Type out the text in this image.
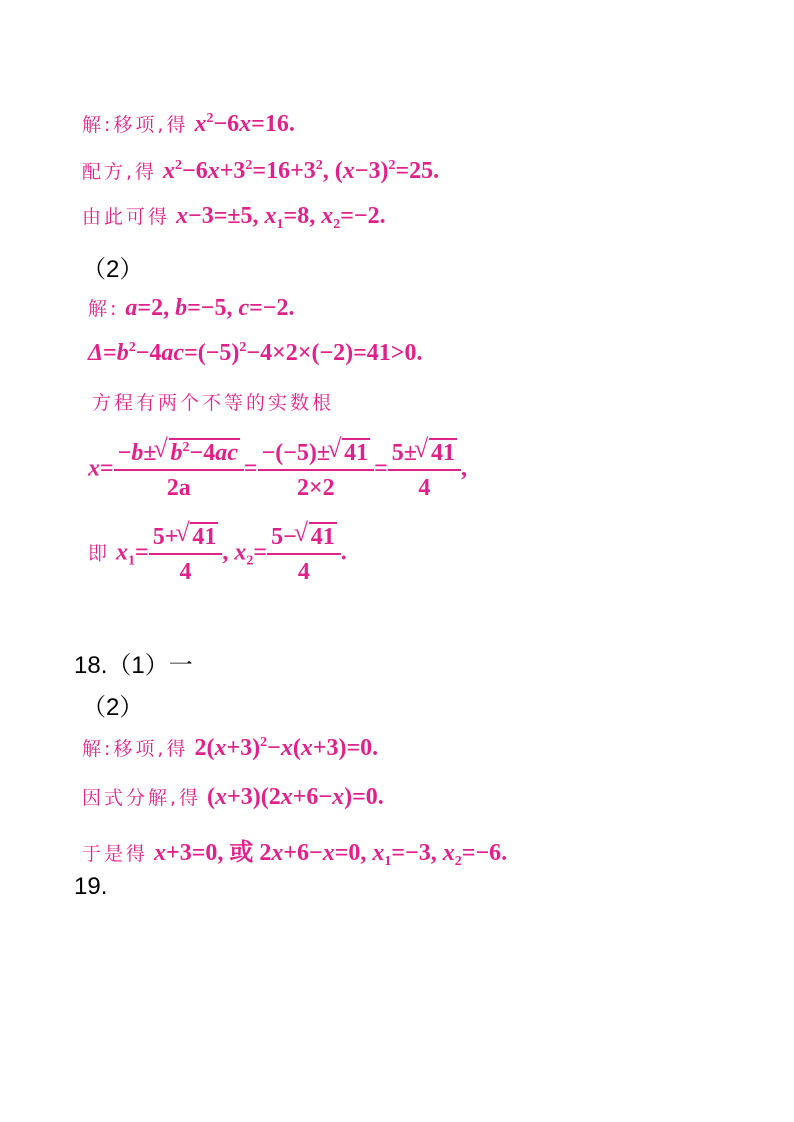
解:移项,得 $x^2-6x=16$.
配方,得 $x^2-6x+3^2=16+3^2$, $(x-3)^2=25$.
由此可得 x−3=±5, $x_1=8$, $x_2=-2$.
（2）
解: a=2, b=−5, c=−2.
$\Delta=b^2-4ac=(-5)^2-4\times 2\times(-2)=41>0$.
方程有两个不等的实数根
$x= \frac{-b\pm √ b^2-4ac}{2a} = \frac{-(-5)\pm √ 41}{2\times 2} = \frac{5\pm √ 41}{4}$ ,
即 $x_1= \frac{5+ √ 41}{4}$ , $x_2= \frac{5- √ 41}{4}$ .
18.（1）一
（2）
解:移项,得 $2(x+3)^2-x(x+3)=0$.
因式分解,得 (x+3)(2x+6−x)=0.
于是得 x+3=0, 或 2x+6−x=0, $x_1=-3$, $x_2=-6$.
19.
